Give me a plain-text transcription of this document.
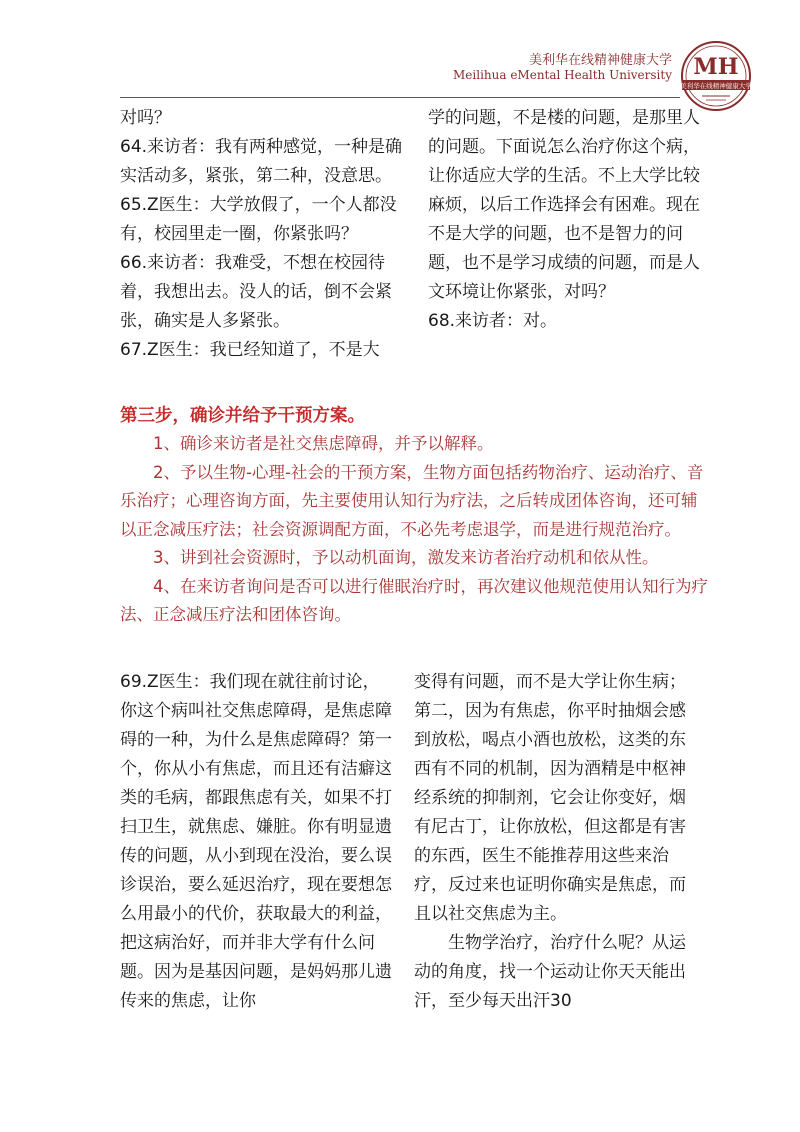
美利华在线精神健康大学
Meilihua eMental Health University MH
美利华在线精神健康大学

对吗？

64.来访者：我有两种感觉，一种是确实活动多，紧张，第二种，没意思。

65.Z医生：大学放假了，一个人都没有，校园里走一圈，你紧张吗？

66.来访者：我难受，不想在校园待着，我想出去。没人的话，倒不会紧张，确实是人多紧张。

67.Z医生：我已经知道了，不是大

学的问题，不是楼的问题，是那里人的问题。下面说怎么治疗你这个病，让你适应大学的生活。不上大学比较麻烦，以后工作选择会有困难。现在不是大学的问题，也不是智力的问题，也不是学习成绩的问题，而是人文环境让你紧张，对吗？

68.来访者：对。

第三步，确诊并给予干预方案。
1、确诊来访者是社交焦虑障碍，并予以解释。
2、予以生物-心理-社会的干预方案，生物方面包括药物治疗、运动治疗、音乐治疗；心理咨询方面，先主要使用认知行为疗法，之后转成团体咨询，还可辅以正念减压疗法；社会资源调配方面，不必先考虑退学，而是进行规范治疗。
3、讲到社会资源时，予以动机面询，激发来访者治疗动机和依从性。
4、在来访者询问是否可以进行催眠治疗时，再次建议他规范使用认知行为疗法、正念减压疗法和团体咨询。

69.Z医生：我们现在就往前讨论，你这个病叫社交焦虑障碍，是焦虑障碍的一种，为什么是焦虑障碍？第一个，你从小有焦虑，而且还有洁癖这类的毛病，都跟焦虑有关，如果不打扫卫生，就焦虑、嫌脏。你有明显遗传的问题，从小到现在没治，要么误诊误治，要么延迟治疗，现在要想怎么用最小的代价，获取最大的利益，把这病治好，而并非大学有什么问题。因为是基因问题，是妈妈那儿遗传来的焦虑，让你

变得有问题，而不是大学让你生病；第二，因为有焦虑，你平时抽烟会感到放松，喝点小酒也放松，这类的东西有不同的机制，因为酒精是中枢神经系统的抑制剂，它会让你变好，烟有尼古丁，让你放松，但这都是有害的东西，医生不能推荐用这些来治疗，反过来也证明你确实是焦虑，而且以社交焦虑为主。

生物学治疗，治疗什么呢？从运动的角度，找一个运动让你天天能出汗，至少每天出汗30
